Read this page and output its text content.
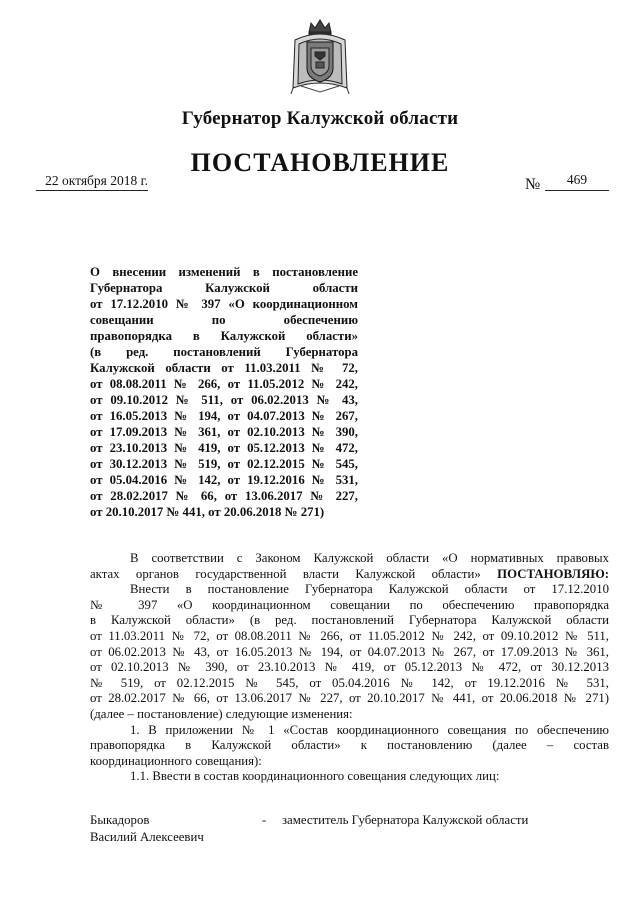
Губернатор Калужской области
ПОСТАНОВЛЕНИЕ
22 октября 2018 г.	№	469
О внесении изменений в постановление
Губернатора Калужской области
от 17.12.2010 № 397 «О координационном
совещании по обеспечению
правопорядка в Калужской области»
(в ред. постановлений Губернатора
Калужской области от 11.03.2011 № 72,
от 08.08.2011 № 266, от 11.05.2012 № 242,
от 09.10.2012 № 511, от 06.02.2013 № 43,
от 16.05.2013 № 194, от 04.07.2013 № 267,
от 17.09.2013 № 361, от 02.10.2013 № 390,
от 23.10.2013 № 419, от 05.12.2013 № 472,
от 30.12.2013 № 519, от 02.12.2015 № 545,
от 05.04.2016 № 142, от 19.12.2016 № 531,
от 28.02.2017 № 66, от 13.06.2017 № 227,
от 20.10.2017 № 441, от 20.06.2018 № 271)
В соответствии с Законом Калужской области «О нормативных правовых
актах органов государственной власти Калужской области» ПОСТАНОВЛЯЮ:
Внести в постановление Губернатора Калужской области от 17.12.2010
№ 397 «О координационном совещании по обеспечению правопорядка
в Калужской области» (в ред. постановлений Губернатора Калужской области
от 11.03.2011 № 72, от 08.08.2011 № 266, от 11.05.2012 № 242, от 09.10.2012 № 511,
от 06.02.2013 № 43, от 16.05.2013 № 194, от 04.07.2013 № 267, от 17.09.2013 № 361,
от 02.10.2013 № 390, от 23.10.2013 № 419, от 05.12.2013 № 472, от 30.12.2013
№ 519, от 02.12.2015 № 545, от 05.04.2016 № 142, от 19.12.2016 № 531,
от 28.02.2017 № 66, от 13.06.2017 № 227, от 20.10.2017 № 441, от 20.06.2018 № 271)
(далее – постановление) следующие изменения:
1. В приложении № 1 «Состав координационного совещания по обеспечению
правопорядка в Калужской области» к постановлению (далее – состав
координационного совещания):
1.1. Ввести в состав координационного совещания следующих лиц:
Быкадоров
Василий Алексеевич
- заместитель Губернатора Калужской области
